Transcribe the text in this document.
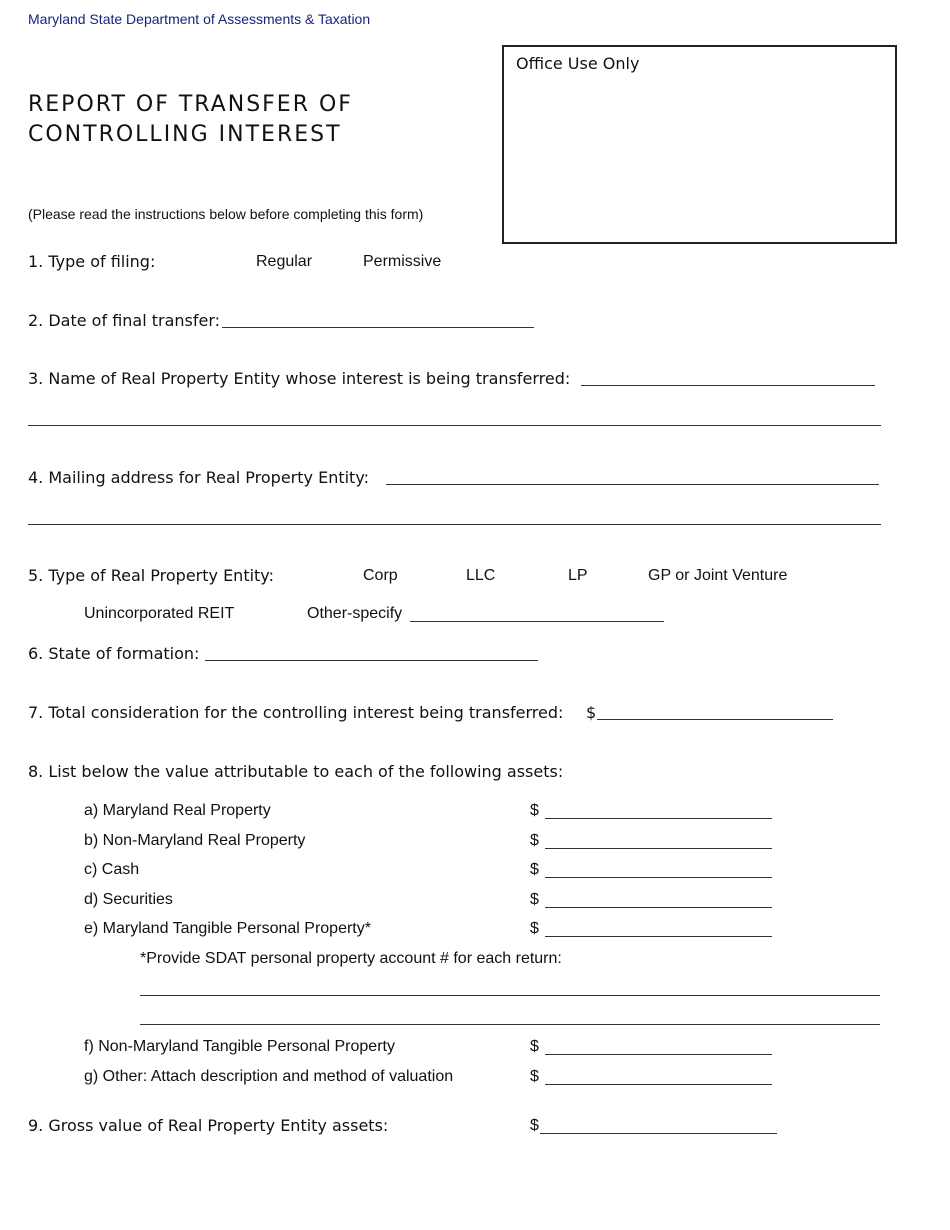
Maryland State Department of Assessments & Taxation
REPORT OF TRANSFER OF
CONTROLLING INTEREST
(Please read the instructions below before completing this form)
Office Use Only
1. Type of filing:	Regular	Permissive
2. Date of final transfer:
3. Name of Real Property Entity whose interest is being transferred:
4. Mailing address for Real Property Entity:
5. Type of Real Property Entity:	Corp	LLC	LP	GP or Joint Venture
Unincorporated REIT	Other-specify
6. State of formation:
7. Total consideration for the controlling interest being transferred: $
8. List below the value attributable to each of the following assets:
a) Maryland Real Property	$
b) Non-Maryland Real Property	$
c) Cash	$
d) Securities	$
e) Maryland Tangible Personal Property*	$
*Provide SDAT personal property account # for each return:
f) Non-Maryland Tangible Personal Property	$
g) Other: Attach description and method of valuation	$
9. Gross value of Real Property Entity assets:	$
